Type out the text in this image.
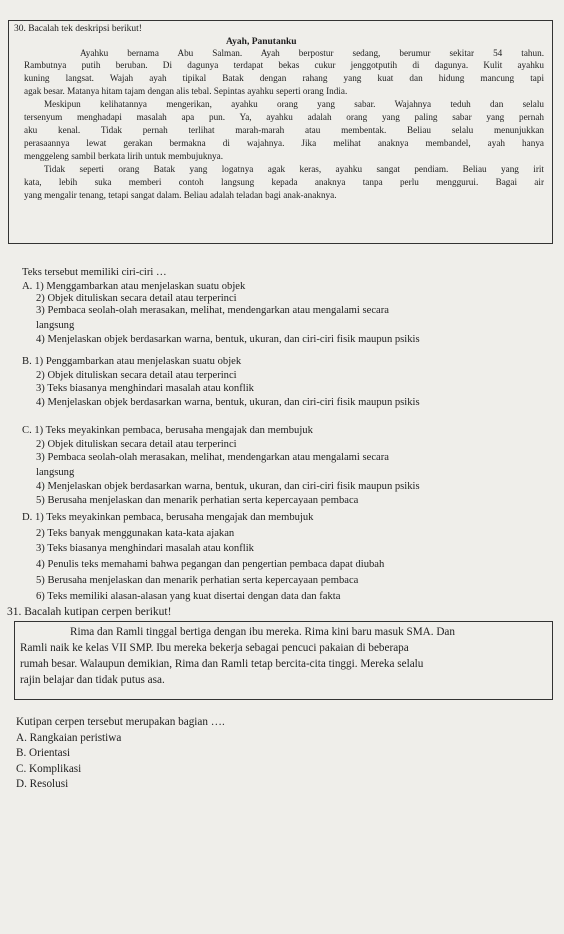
30. Bacalah tek deskripsi berikut!
Ayah, Panutanku
Ayahku bernama Abu Salman. Ayah berpostur sedang, berumur sekitar 54 tahun.
Rambutnya putih beruban. Di dagunya terdapat bekas cukur jenggotputih di dagunya. Kulit ayahku
kuning langsat. Wajah ayah tipikal Batak dengan rahang yang kuat dan hidung mancung tapi
agak besar. Matanya hitam tajam dengan alis tebal. Sepintas ayahku seperti orang India.
Meskipun kelihatannya mengerikan, ayahku orang yang sabar. Wajahnya teduh dan selalu
tersenyum menghadapi masalah apa pun. Ya, ayahku adalah orang yang paling sabar yang pernah
aku kenal. Tidak pernah terlihat marah-marah atau membentak. Beliau selalu menunjukkan
perasaannya lewat gerakan bermakna di wajahnya. Jika melihat anaknya membandel, ayah hanya
menggeleng sambil berkata lirih untuk membujuknya.
Tidak seperti orang Batak yang logatnya agak keras, ayahku sangat pendiam. Beliau yang irit
kata, lebih suka memberi contoh langsung kepada anaknya tanpa perlu menggurui. Bagai air
yang mengalir tenang, tetapi sangat dalam. Beliau adalah teladan bagi anak-anaknya.
Teks tersebut memiliki ciri-ciri …
A. 1) Menggambarkan atau menjelaskan suatu objek
2) Objek dituliskan secara detail atau terperinci
3) Pembaca seolah-olah merasakan, melihat, mendengarkan atau mengalami secara
langsung
4) Menjelaskan objek berdasarkan warna, bentuk, ukuran, dan ciri-ciri fisik maupun psikis
B. 1) Penggambarkan atau menjelaskan suatu objek
2) Objek dituliskan secara detail atau terperinci
3) Teks biasanya menghindari masalah atau konflik
4) Menjelaskan objek berdasarkan warna, bentuk, ukuran, dan ciri-ciri fisik maupun psikis
C. 1) Teks meyakinkan pembaca, berusaha mengajak dan membujuk
2) Objek dituliskan secara detail atau terperinci
3) Pembaca seolah-olah merasakan, melihat, mendengarkan atau mengalami secara
langsung
4) Menjelaskan objek berdasarkan warna, bentuk, ukuran, dan ciri-ciri fisik maupun psikis
5) Berusaha menjelaskan dan menarik perhatian serta kepercayaan pembaca
D. 1) Teks meyakinkan pembaca, berusaha mengajak dan membujuk
2) Teks banyak menggunakan kata-kata ajakan
3) Teks biasanya menghindari masalah atau konflik
4) Penulis teks memahami bahwa pegangan dan pengertian pembaca dapat diubah
5) Berusaha menjelaskan dan menarik perhatian serta kepercayaan pembaca
6) Teks memiliki alasan-alasan yang kuat disertai dengan data dan fakta
31. Bacalah kutipan cerpen berikut!
Rima dan Ramli tinggal bertiga dengan ibu mereka. Rima kini baru masuk SMA. Dan
Ramli naik ke kelas VII SMP. Ibu mereka bekerja sebagai pencuci pakaian di beberapa
rumah besar. Walaupun demikian, Rima dan Ramli tetap bercita-cita tinggi. Mereka selalu
rajin belajar dan tidak putus asa.
Kutipan cerpen tersebut merupakan bagian ….
A. Rangkaian peristiwa
B. Orientasi
C. Komplikasi
D. Resolusi
